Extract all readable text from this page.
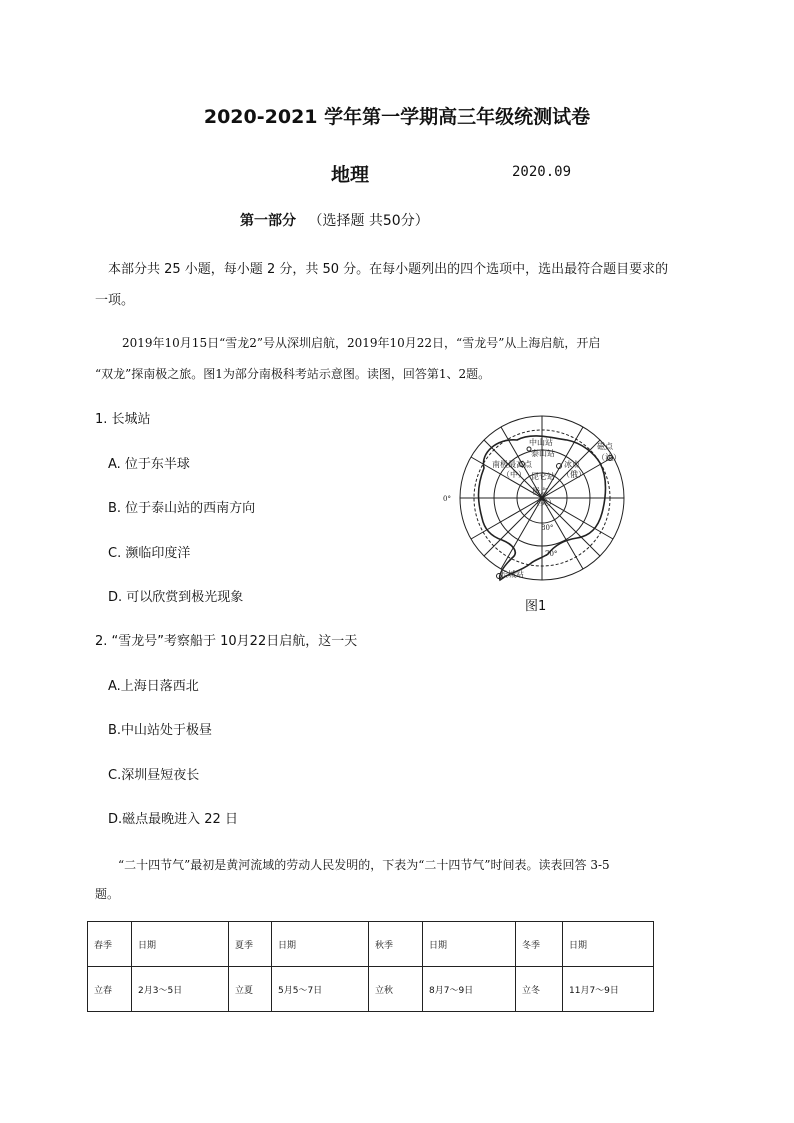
2020-2021 学年第一学期高三年级统测试卷
地理	2020.09
第一部分 （选择题 共50分）
本部分共 25 小题，每小题 2 分，共 50 分。在每小题列出的四个选项中，选出最符合题目要求的
一项。
2019年10月15日“雪龙2”号从深圳启航，2019年10月22日，“雪龙号”从上海启航，开启
“双龙”探南极之旅。图1为部分南极科考站示意图。读图，回答第1、2题。
1. 长城站
A. 位于东半球
B. 位于泰山站的西南方向
C. 濒临印度洋
D. 可以欣赏到极光现象
中山站
泰山站
南极最高点
（中）
冰点
（俄）
昆仑站
极点
（美）
磁点
（法）
长城站
0°
80°
70°
图1
2. “雪龙号”考察船于 10月22日启航，这一天
A.上海日落西北
B.中山站处于极昼
C.深圳昼短夜长
D.磁点最晚进入 22 日
“二十四节气”最初是黄河流域的劳动人民发明的，下表为“二十四节气”时间表。读表回答 3-5
题。
春季	日期	夏季	日期	秋季	日期	冬季	日期
立春	2月3～5日	立夏	5月5～7日	立秋	8月7～9日	立冬	11月7～9日
